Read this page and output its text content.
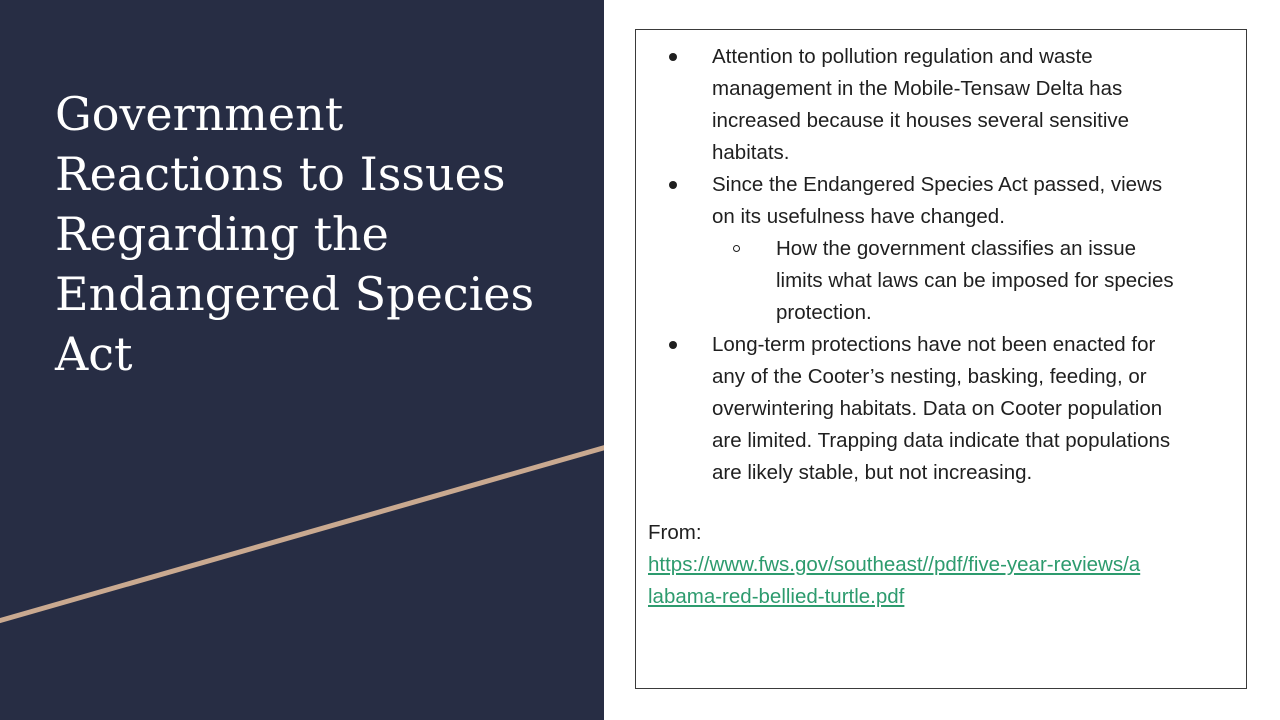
Government Reactions to Issues Regarding the Endangered Species Act

Attention to pollution regulation and waste

management in the Mobile-Tensaw Delta has

increased because it houses several sensitive

habitats.

Since the Endangered Species Act passed, views

on its usefulness have changed.

How the government classifies an issue

limits what laws can be imposed for species

protection.

Long-term protections have not been enacted for

any of the Cooter’s nesting, basking, feeding, or

overwintering habitats. Data on Cooter population

are limited. Trapping data indicate that populations

are likely stable, but not increasing.

From:

https://www.fws.gov/southeast//pdf/five-year-reviews/a
labama-red-bellied-turtle.pdf
